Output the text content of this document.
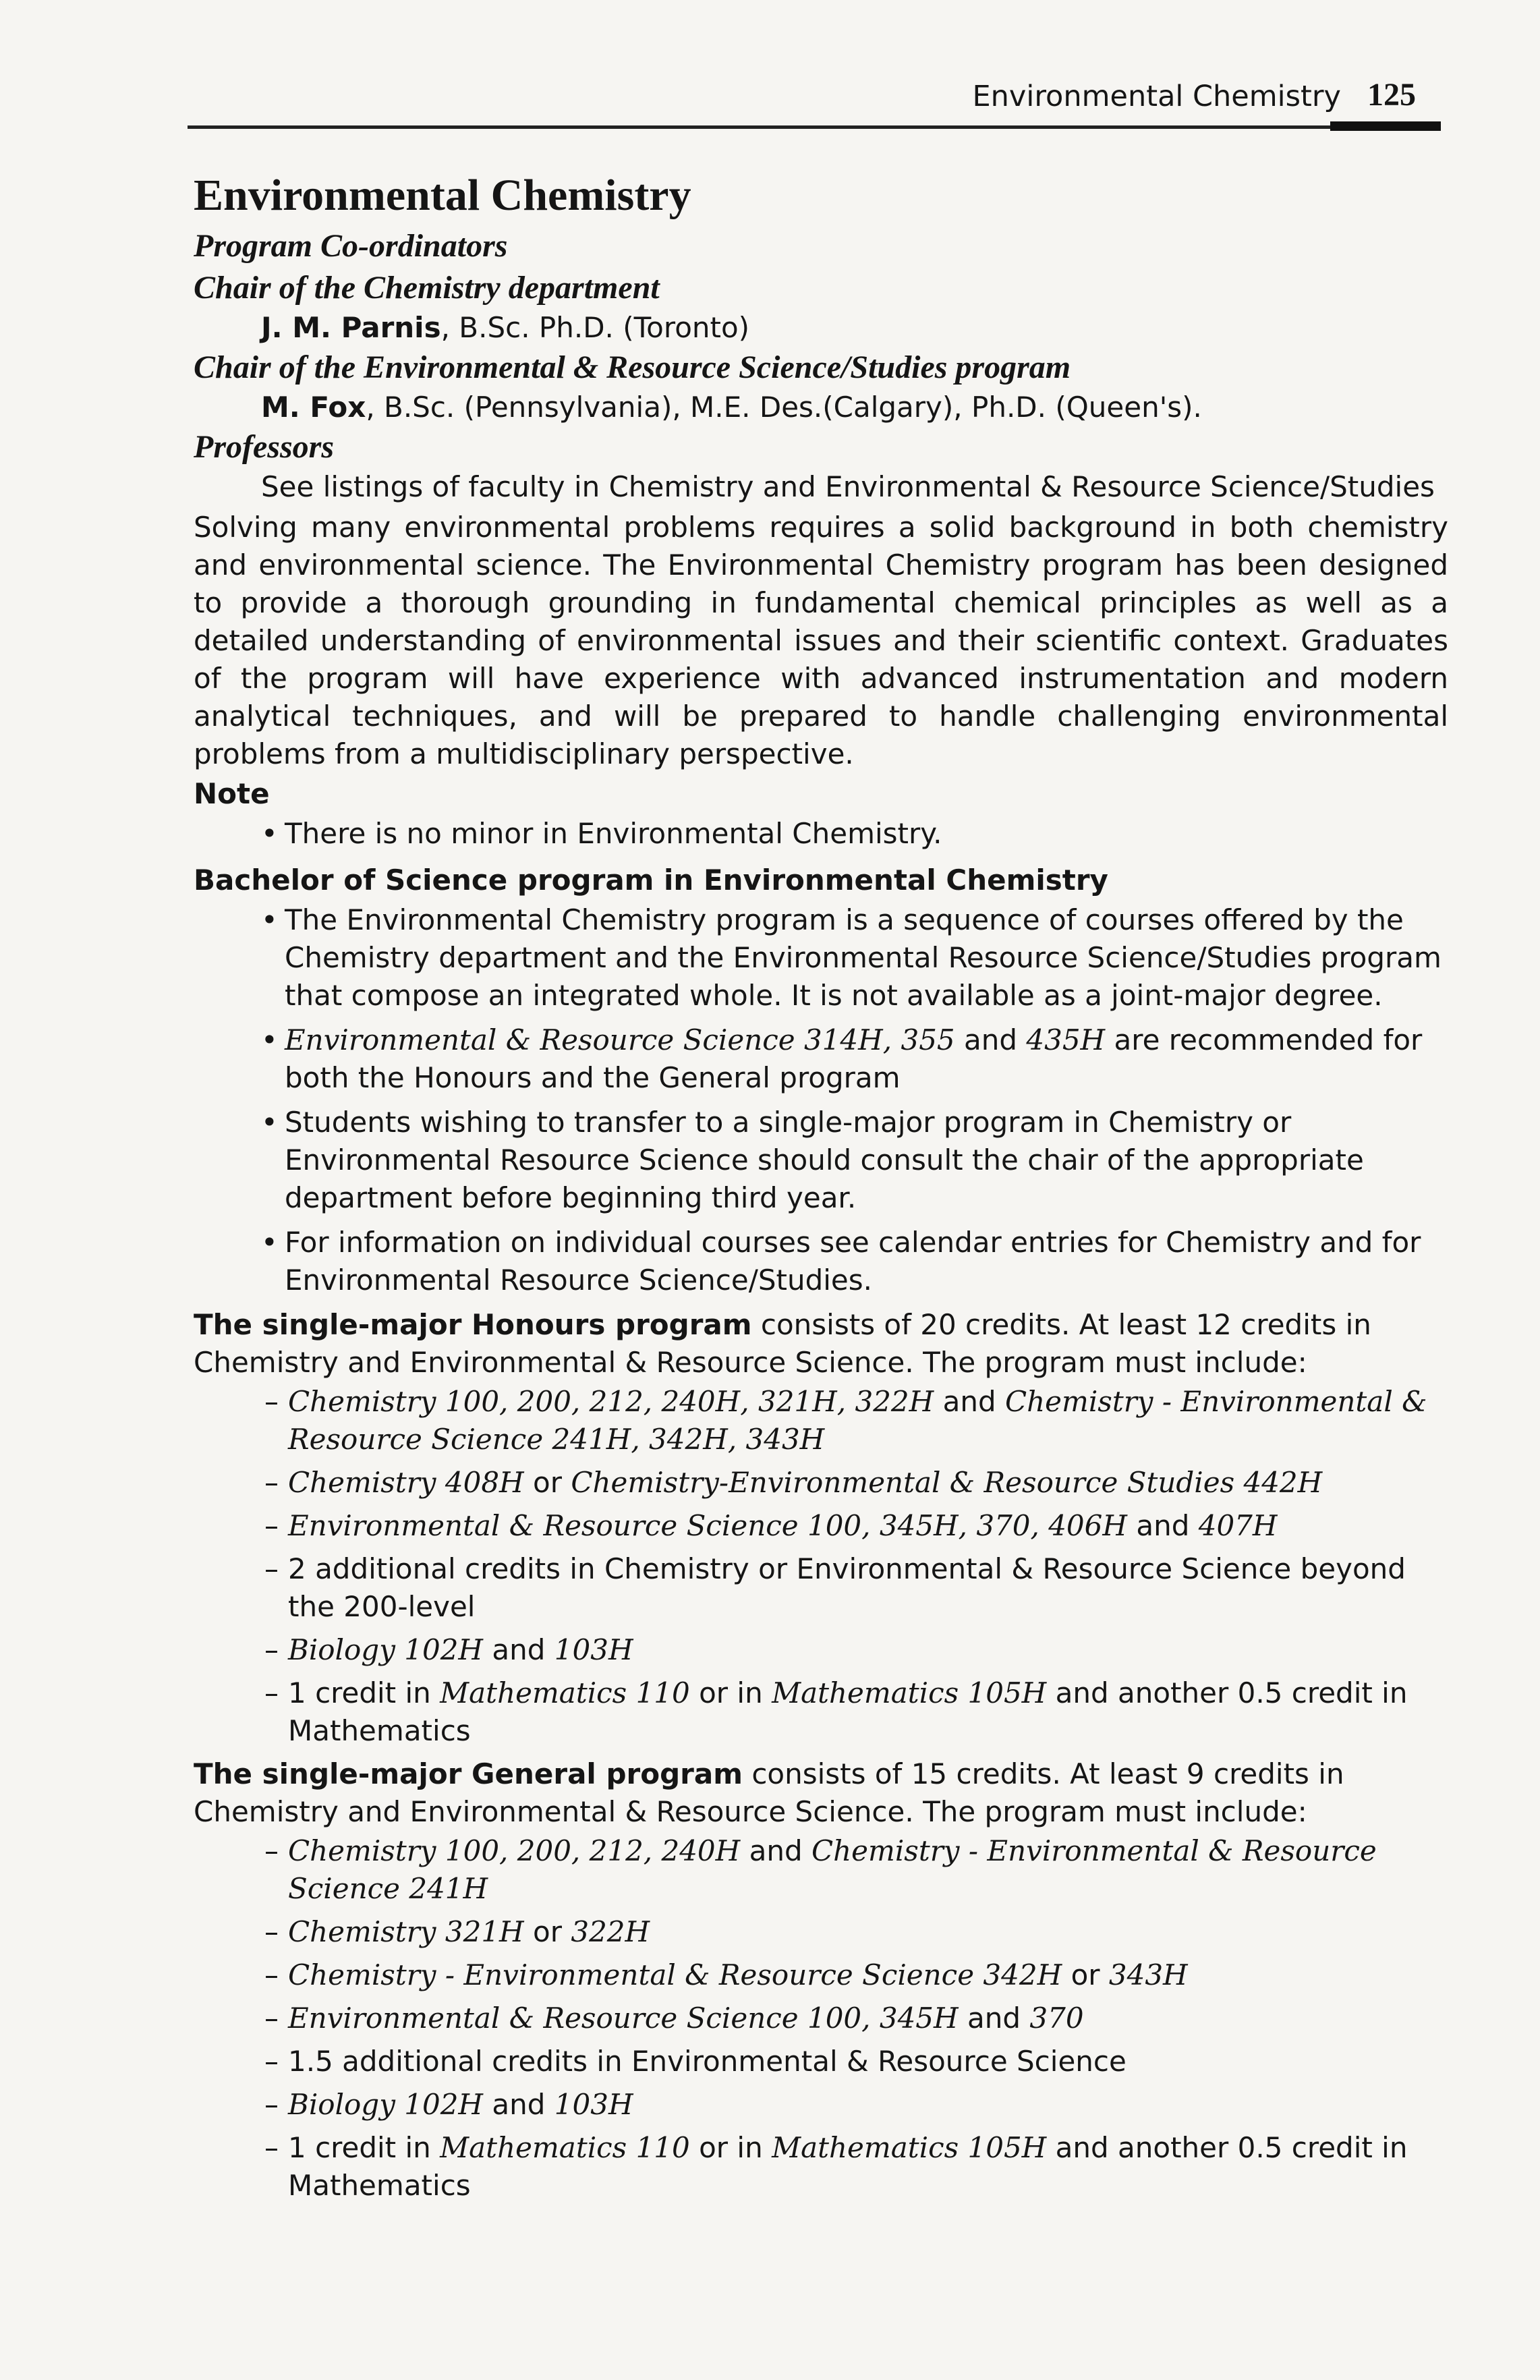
Environmental Chemistry 125
Environmental Chemistry
Program Co-ordinators
Chair of the Chemistry department

J. M. Parnis, B.Sc. Ph.D. (Toronto)

Chair of the Environmental & Resource Science/Studies program

M. Fox, B.Sc. (Pennsylvania), M.E. Des.(Calgary), Ph.D. (Queen's).

Professors

See listings of faculty in Chemistry and Environmental & Resource Science/Studies

Solving many environmental problems requires a solid background in both chemistry and environmental science. The Environmental Chemistry program has been designed to provide a thorough grounding in fundamental chemical principles as well as a detailed understanding of environmental issues and their scientific context. Graduates of the program will have experience with advanced instrumentation and modern analytical techniques, and will be prepared to handle challenging environmental problems from a multidisciplinary perspective.

Note
• There is no minor in Environmental Chemistry.
Bachelor of Science program in Environmental Chemistry
• The Environmental Chemistry program is a sequence of courses offered by the Chemistry department and the Environmental Resource Science/Studies program that compose an integrated whole. It is not available as a joint-major degree.
• Environmental & Resource Science 314H, 355 and 435H are recommended for both the Honours and the General program
• Students wishing to transfer to a single-major program in Chemistry or Environmental Resource Science should consult the chair of the appropriate department before beginning third year.
• For information on individual courses see calendar entries for Chemistry and for Environmental Resource Science/Studies.

The single-major Honours program consists of 20 credits. At least 12 credits in Chemistry and Environmental & Resource Science. The program must include:

– Chemistry 100, 200, 212, 240H, 321H, 322H and Chemistry - Environmental & Resource Science 241H, 342H, 343H
– Chemistry 408H or Chemistry-Environmental & Resource Studies 442H
– Environmental & Resource Science 100, 345H, 370, 406H and 407H
– 2 additional credits in Chemistry or Environmental & Resource Science beyond the 200-level
– Biology 102H and 103H
– 1 credit in Mathematics 110 or in Mathematics 105H and another 0.5 credit in Mathematics

The single-major General program consists of 15 credits. At least 9 credits in Chemistry and Environmental & Resource Science. The program must include:

– Chemistry 100, 200, 212, 240H and Chemistry - Environmental & Resource Science 241H
– Chemistry 321H or 322H
– Chemistry - Environmental & Resource Science 342H or 343H
– Environmental & Resource Science 100, 345H and 370
– 1.5 additional credits in Environmental & Resource Science
– Biology 102H and 103H
– 1 credit in Mathematics 110 or in Mathematics 105H and another 0.5 credit in Mathematics
